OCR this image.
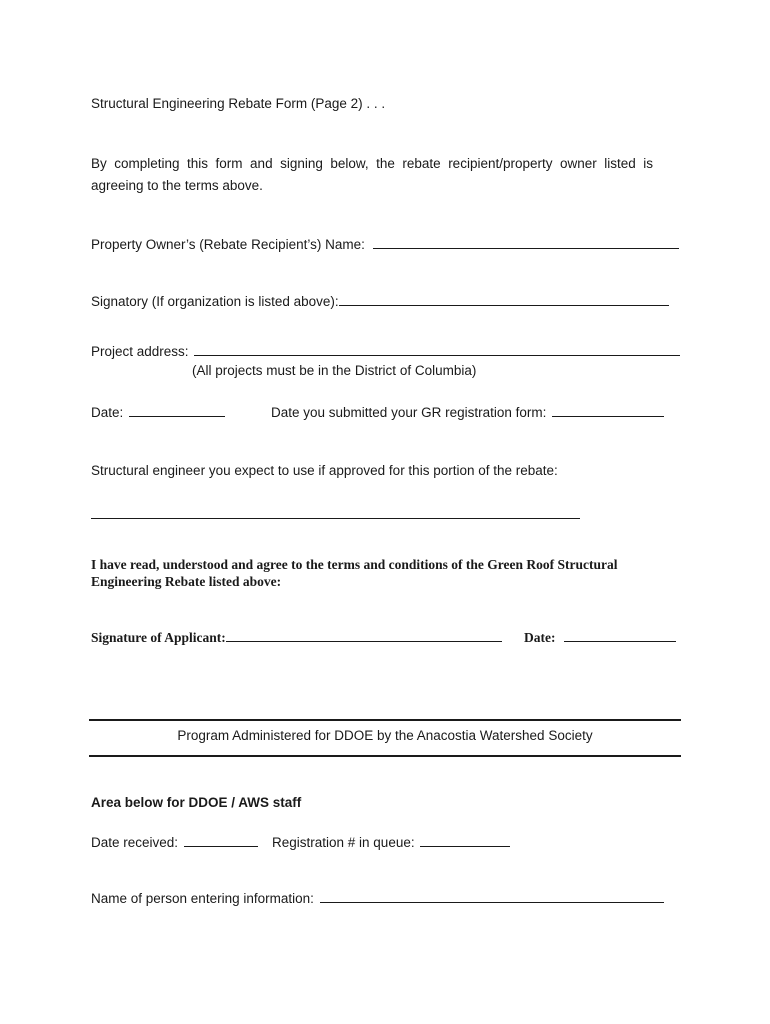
Structural Engineering Rebate Form (Page 2) . . .
By  completing  this  form  and  signing  below,  the  rebate  recipient/property  owner  listed  is
agreeing to the terms above.
Property Owner’s (Rebate Recipient’s) Name:
Signatory (If organization is listed above):
Project address:
(All projects must be in the District of Columbia)
Date:	Date you submitted your GR registration form:
Structural engineer you expect to use if approved for this portion of the rebate:
I have read, understood and agree to the terms and conditions of the Green Roof Structural
Engineering Rebate listed above:
Signature of Applicant:	Date:
Program Administered for DDOE by the Anacostia Watershed Society
Area below for DDOE / AWS staff
Date received:	Registration # in queue:
Name of person entering information:
